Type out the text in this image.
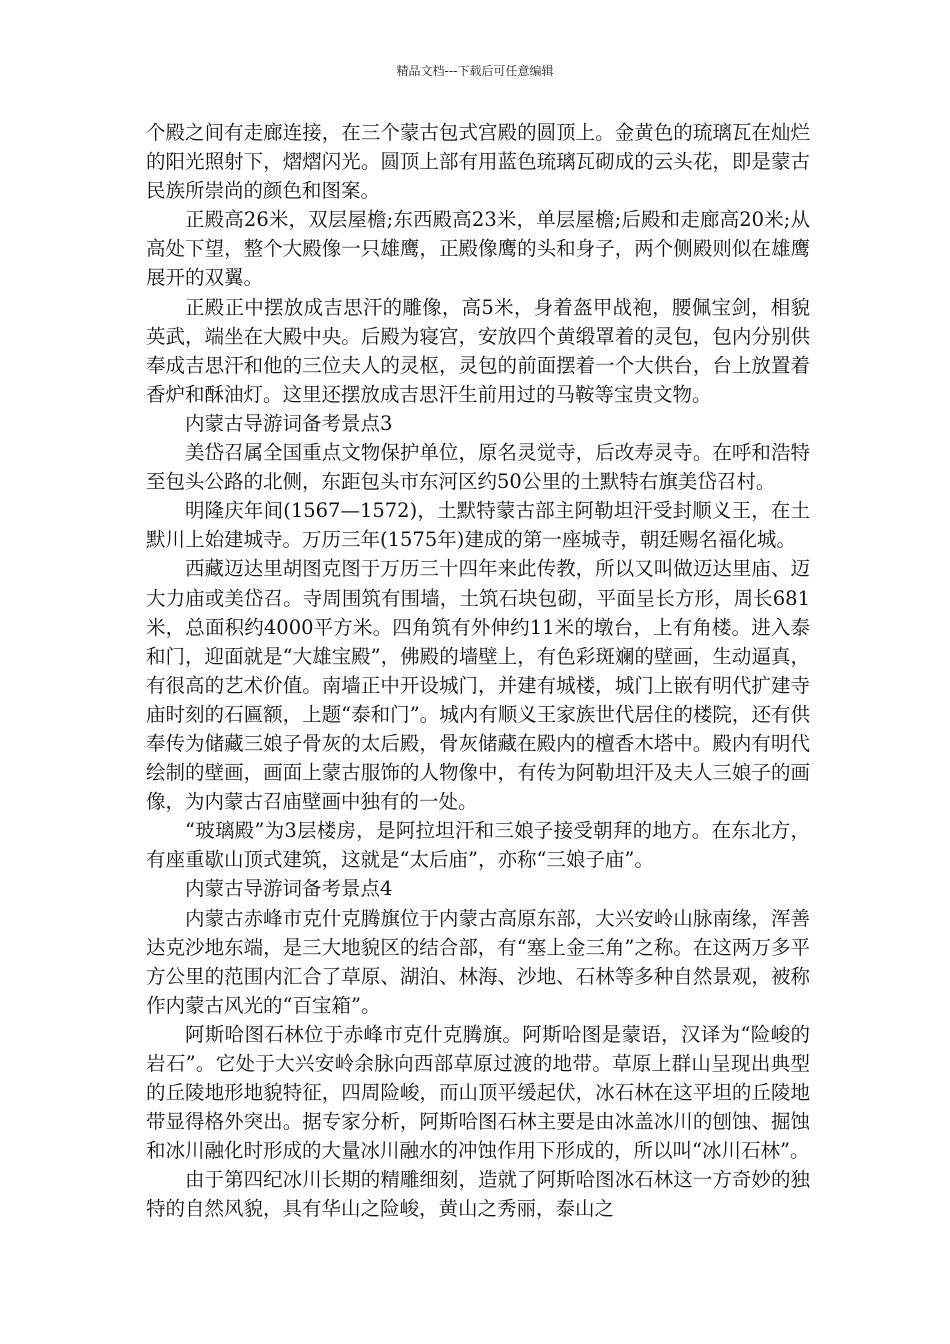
精品文档---下载后可任意编辑

个殿之间有走廊连接，在三个蒙古包式宫殿的圆顶上。金黄色的琉璃瓦在灿烂的阳光照射下，熠熠闪光。圆顶上部有用蓝色琉璃瓦砌成的云头花，即是蒙古民族所崇尚的颜色和图案。

正殿高26米，双层屋檐;东西殿高23米，单层屋檐;后殿和走廊高20米;从高处下望，整个大殿像一只雄鹰，正殿像鹰的头和身子，两个侧殿则似在雄鹰展开的双翼。

正殿正中摆放成吉思汗的雕像，高5米，身着盔甲战袍，腰佩宝剑，相貌英武，端坐在大殿中央。后殿为寝宫，安放四个黄缎罩着的灵包，包内分别供奉成吉思汗和他的三位夫人的灵枢，灵包的前面摆着一个大供台，台上放置着香炉和酥油灯。这里还摆放成吉思汗生前用过的马鞍等宝贵文物。

内蒙古导游词备考景点3

美岱召属全国重点文物保护单位，原名灵觉寺，后改寿灵寺。在呼和浩特至包头公路的北侧，东距包头市东河区约50公里的土默特右旗美岱召村。

明隆庆年间(1567—1572)，土默特蒙古部主阿勒坦汗受封顺义王，在土默川上始建城寺。万历三年(1575年)建成的第一座城寺，朝廷赐名福化城。

西藏迈达里胡图克图于万历三十四年来此传教，所以又叫做迈达里庙、迈大力庙或美岱召。寺周围筑有围墙，土筑石块包砌，平面呈长方形，周长681米，总面积约4000平方米。四角筑有外伸约11米的墩台，上有角楼。进入泰和门，迎面就是“大雄宝殿”，佛殿的墙壁上，有色彩斑斓的壁画，生动逼真，有很高的艺术价值。南墙正中开设城门，并建有城楼，城门上嵌有明代扩建寺庙时刻的石匾额，上题“泰和门”。城内有顺义王家族世代居住的楼院，还有供奉传为储藏三娘子骨灰的太后殿，骨灰储藏在殿内的檀香木塔中。殿内有明代绘制的壁画，画面上蒙古服饰的人物像中，有传为阿勒坦汗及夫人三娘子的画像，为内蒙古召庙壁画中独有的一处。

“玻璃殿”为3层楼房，是阿拉坦汗和三娘子接受朝拜的地方。在东北方，有座重歇山顶式建筑，这就是“太后庙”，亦称“三娘子庙”。

内蒙古导游词备考景点4

内蒙古赤峰市克什克腾旗位于内蒙古高原东部，大兴安岭山脉南缘，浑善达克沙地东端，是三大地貌区的结合部，有“塞上金三角”之称。在这两万多平方公里的范围内汇合了草原、湖泊、林海、沙地、石林等多种自然景观，被称作内蒙古风光的“百宝箱”。

阿斯哈图石林位于赤峰市克什克腾旗。阿斯哈图是蒙语，汉译为“险峻的岩石”。它处于大兴安岭余脉向西部草原过渡的地带。草原上群山呈现出典型的丘陵地形地貌特征，四周险峻，而山顶平缓起伏，冰石林在这平坦的丘陵地带显得格外突出。据专家分析，阿斯哈图石林主要是由冰盖冰川的刨蚀、掘蚀和冰川融化时形成的大量冰川融水的冲蚀作用下形成的，所以叫“冰川石林”。

由于第四纪冰川长期的精雕细刻，造就了阿斯哈图冰石林这一方奇妙的独特的自然风貌，具有华山之险峻，黄山之秀丽，泰山之
